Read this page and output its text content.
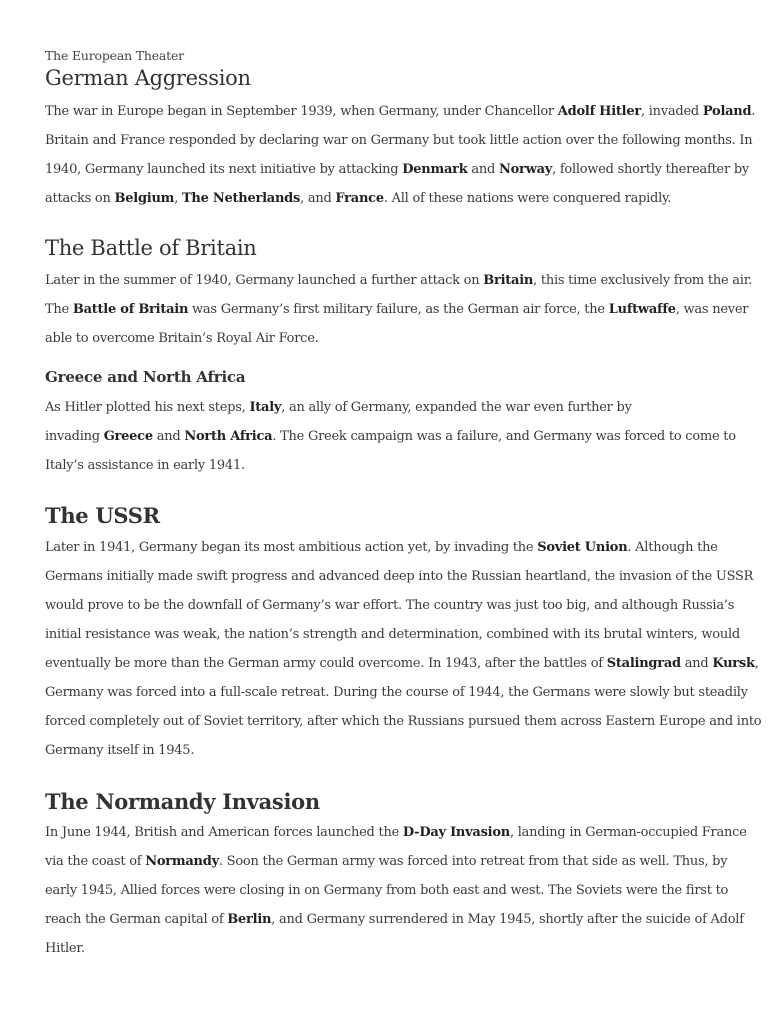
The European Theater
German Aggression
The war in Europe began in September 1939, when Germany, under Chancellor Adolf Hitler, invaded Poland.
Britain and France responded by declaring war on Germany but took little action over the following months. In
1940, Germany launched its next initiative by attacking Denmark and Norway, followed shortly thereafter by
attacks on Belgium, The Netherlands, and France. All of these nations were conquered rapidly.
The Battle of Britain
Later in the summer of 1940, Germany launched a further attack on Britain, this time exclusively from the air.
The Battle of Britain was Germany’s first military failure, as the German air force, the Luftwaffe, was never
able to overcome Britain’s Royal Air Force.
Greece and North Africa
As Hitler plotted his next steps, Italy, an ally of Germany, expanded the war even further by
invading Greece and North Africa. The Greek campaign was a failure, and Germany was forced to come to
Italy’s assistance in early 1941.
The USSR
Later in 1941, Germany began its most ambitious action yet, by invading the Soviet Union. Although the
Germans initially made swift progress and advanced deep into the Russian heartland, the invasion of the USSR
would prove to be the downfall of Germany’s war effort. The country was just too big, and although Russia’s
initial resistance was weak, the nation’s strength and determination, combined with its brutal winters, would
eventually be more than the German army could overcome. In 1943, after the battles of Stalingrad and Kursk,
Germany was forced into a full-scale retreat. During the course of 1944, the Germans were slowly but steadily
forced completely out of Soviet territory, after which the Russians pursued them across Eastern Europe and into
Germany itself in 1945.
The Normandy Invasion
In June 1944, British and American forces launched the D-Day Invasion, landing in German-occupied France
via the coast of Normandy. Soon the German army was forced into retreat from that side as well. Thus, by
early 1945, Allied forces were closing in on Germany from both east and west. The Soviets were the first to
reach the German capital of Berlin, and Germany surrendered in May 1945, shortly after the suicide of Adolf
Hitler.
